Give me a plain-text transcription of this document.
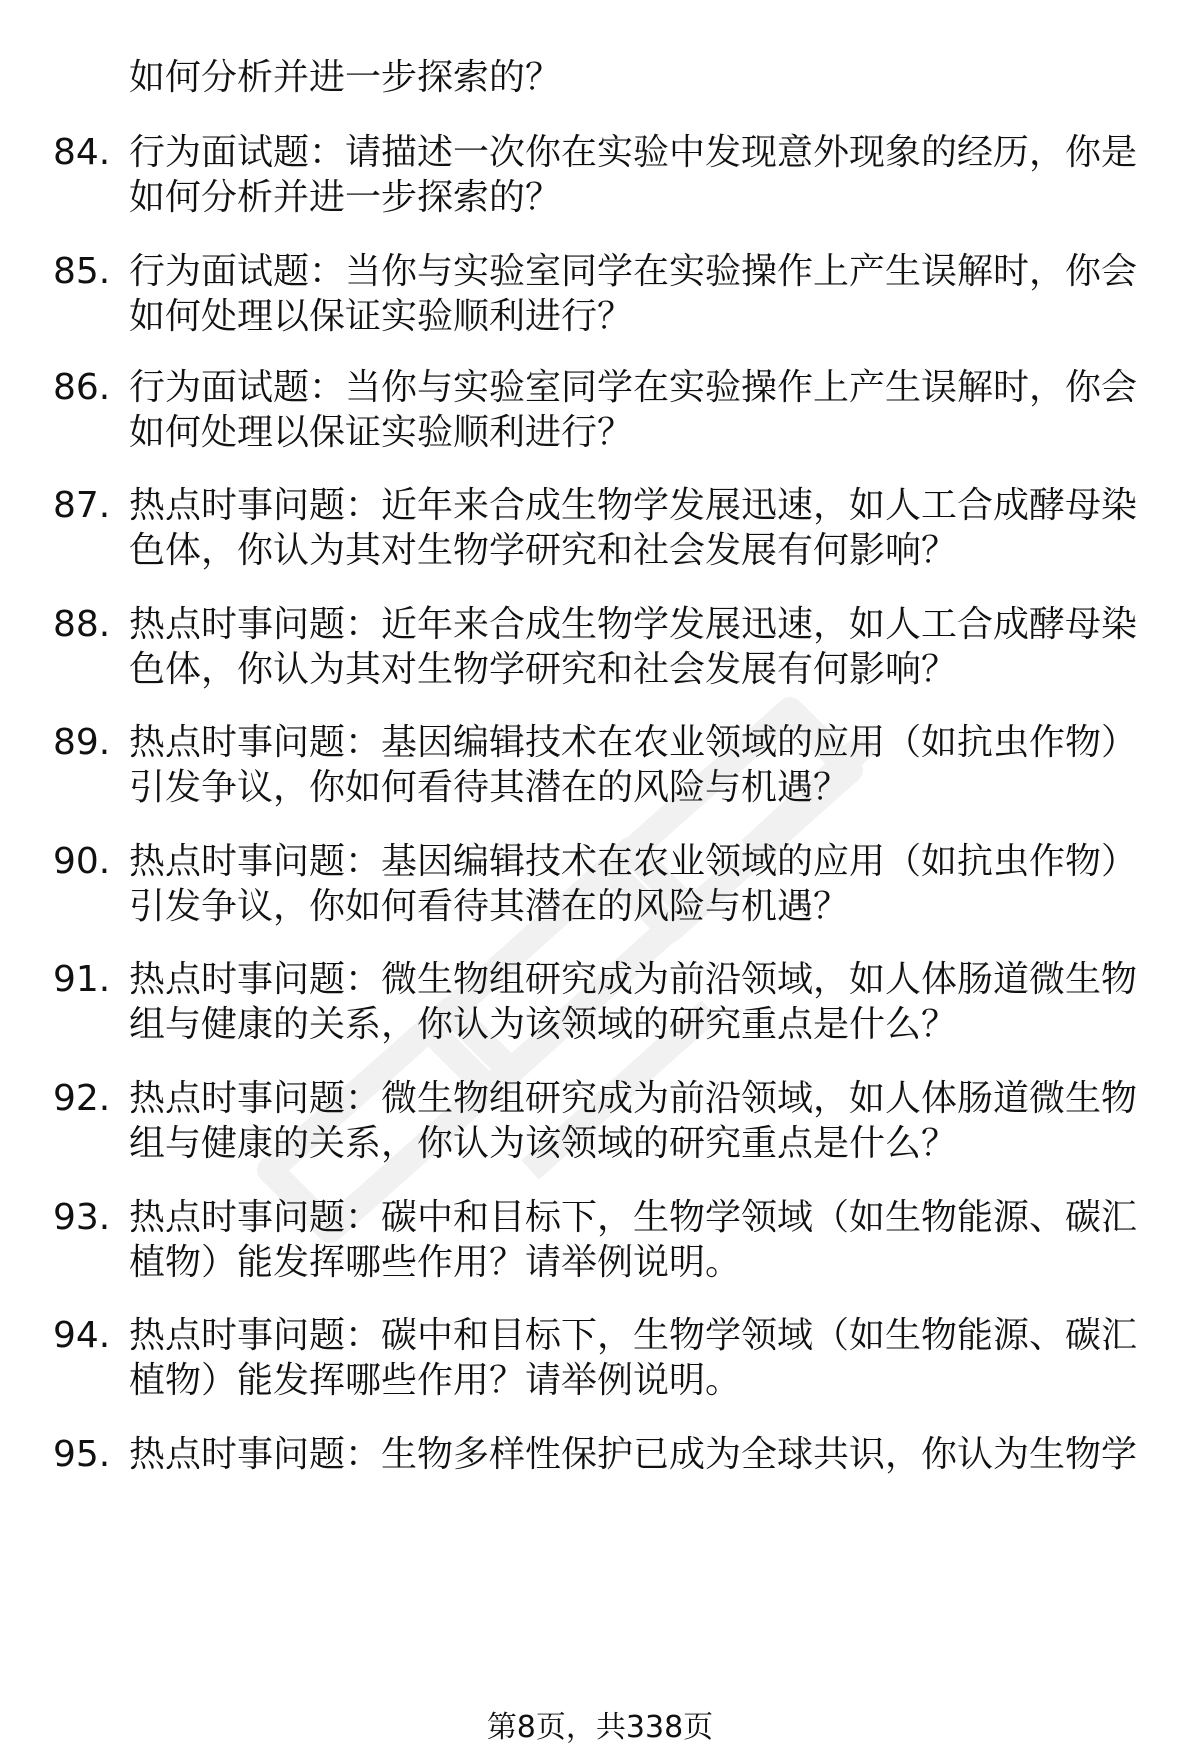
如何分析并进一步探索的？
84. 行为面试题：请描述一次你在实验中发现意外现象的经历，你是
如何分析并进一步探索的？
85. 行为面试题：当你与实验室同学在实验操作上产生误解时，你会
如何处理以保证实验顺利进行？
86. 行为面试题：当你与实验室同学在实验操作上产生误解时，你会
如何处理以保证实验顺利进行？
87. 热点时事问题：近年来合成生物学发展迅速，如人工合成酵母染
色体，你认为其对生物学研究和社会发展有何影响？
88. 热点时事问题：近年来合成生物学发展迅速，如人工合成酵母染
色体，你认为其对生物学研究和社会发展有何影响？
89. 热点时事问题：基因编辑技术在农业领域的应用（如抗虫作物）
引发争议，你如何看待其潜在的风险与机遇？
90. 热点时事问题：基因编辑技术在农业领域的应用（如抗虫作物）
引发争议，你如何看待其潜在的风险与机遇？
91. 热点时事问题：微生物组研究成为前沿领域，如人体肠道微生物
组与健康的关系，你认为该领域的研究重点是什么？
92. 热点时事问题：微生物组研究成为前沿领域，如人体肠道微生物
组与健康的关系，你认为该领域的研究重点是什么？
93. 热点时事问题：碳中和目标下，生物学领域（如生物能源、碳汇
植物）能发挥哪些作用？请举例说明。
94. 热点时事问题：碳中和目标下，生物学领域（如生物能源、碳汇
植物）能发挥哪些作用？请举例说明。
95. 热点时事问题：生物多样性保护已成为全球共识，你认为生物学
第8页，共338页
